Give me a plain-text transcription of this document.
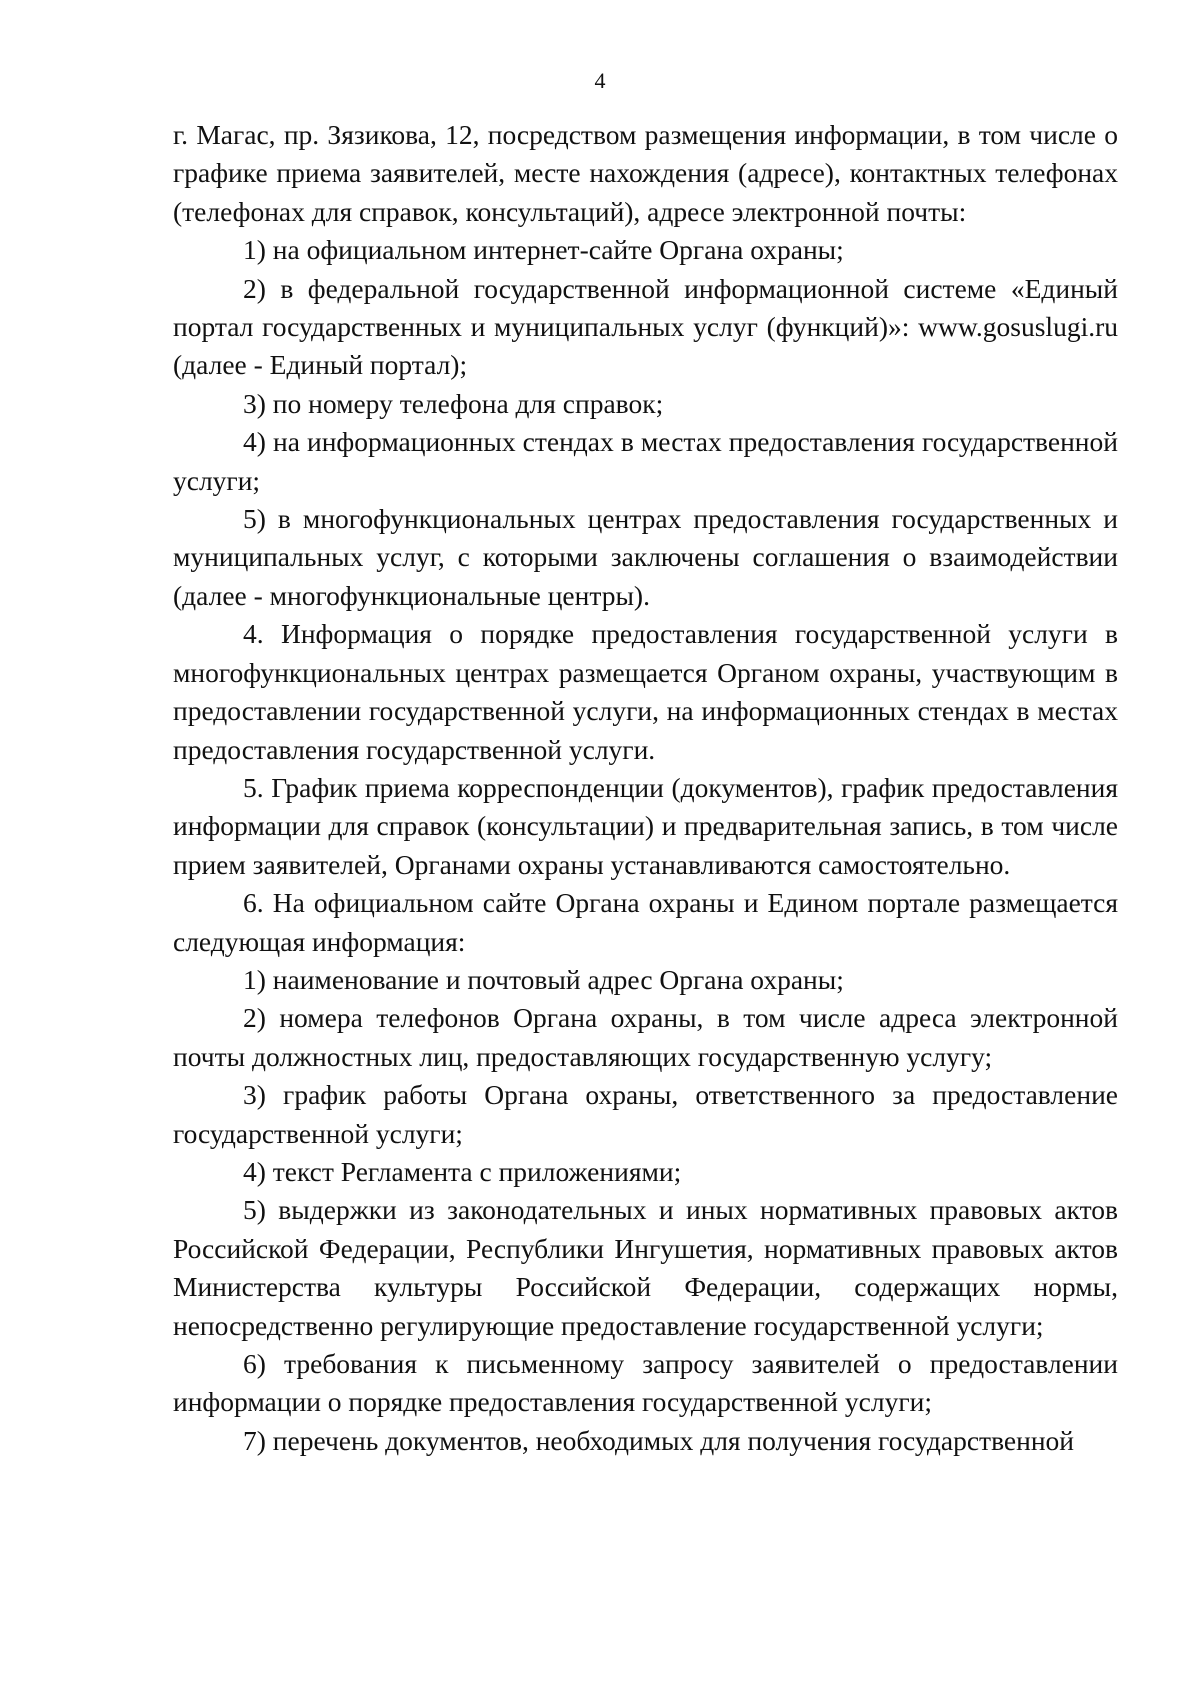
4

г. Магас, пр. Зязикова, 12, посредством размещения информации, в том числе о графике приема заявителей, месте нахождения (адресе), контактных телефонах (телефонах для справок, консультаций), адресе электронной почты:

1) на официальном интернет-сайте Органа охраны;

2) в федеральной государственной информационной системе «Единый портал государственных и муниципальных услуг (функций)»: www.gosuslugi.ru (далее - Единый портал);

3) по номеру телефона для справок;

4) на информационных стендах в местах предоставления государственной услуги;

5) в многофункциональных центрах предоставления государственных и муниципальных услуг, с которыми заключены соглашения о взаимодействии (далее - многофункциональные центры).

4. Информация о порядке предоставления государственной услуги в многофункциональных центрах размещается Органом охраны, участвующим в предоставлении государственной услуги, на информационных стендах в местах предоставления государственной услуги.

5. График приема корреспонденции (документов), график предоставления информации для справок (консультации) и предварительная запись, в том числе прием заявителей, Органами охраны устанавливаются самостоятельно.

6. На официальном сайте Органа охраны и Едином портале размещается следующая информация:

1) наименование и почтовый адрес Органа охраны;

2) номера телефонов Органа охраны, в том числе адреса электронной почты должностных лиц, предоставляющих государственную услугу;

3) график работы Органа охраны, ответственного за предоставление государственной услуги;

4) текст Регламента с приложениями;

5) выдержки из законодательных и иных нормативных правовых актов Российской Федерации, Республики Ингушетия, нормативных правовых актов Министерства культуры Российской Федерации, содержащих нормы, непосредственно регулирующие предоставление государственной услуги;

6) требования к письменному запросу заявителей о предоставлении информации о порядке предоставления государственной услуги;

7) перечень документов, необходимых для получения государственной
